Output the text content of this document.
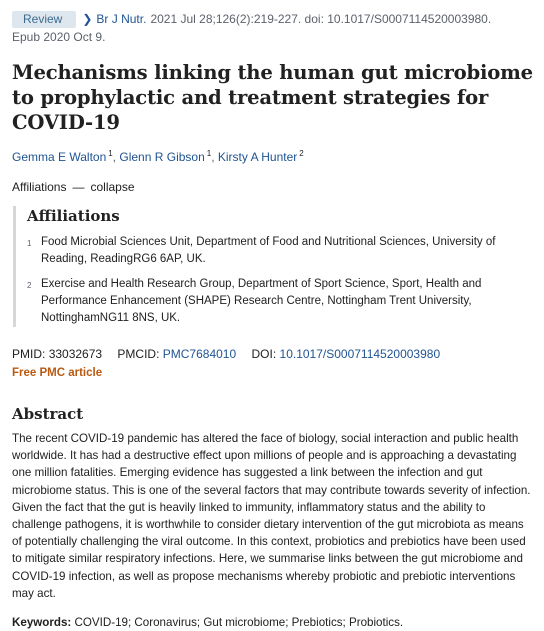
Review ❯ Br J Nutr. 2021 Jul 28;126(2):219-227. doi: 10.1017/S0007114520003980.
Epub 2020 Oct 9.
Mechanisms linking the human gut microbiome to prophylactic and treatment strategies for COVID-19
Gemma E Walton $^1$, Glenn R Gibson $^1$, Kirsty A Hunter $^2$
Affiliations — collapse
Affiliations
1 Food Microbial Sciences Unit, Department of Food and Nutritional Sciences, University of Reading, ReadingRG6 6AP, UK.
2 Exercise and Health Research Group, Department of Sport Science, Sport, Health and Performance Enhancement (SHAPE) Research Centre, Nottingham Trent University, NottinghamNG11 8NS, UK.
PMID: 33032673 PMCID: PMC7684010 DOI: 10.1017/S0007114520003980
Free PMC article
Abstract

The recent COVID-19 pandemic has altered the face of biology, social interaction and public health worldwide. It has had a destructive effect upon millions of people and is approaching a devastating one million fatalities. Emerging evidence has suggested a link between the infection and gut microbiome status. This is one of the several factors that may contribute towards severity of infection. Given the fact that the gut is heavily linked to immunity, inflammatory status and the ability to challenge pathogens, it is worthwhile to consider dietary intervention of the gut microbiota as means of potentially challenging the viral outcome. In this context, probiotics and prebiotics have been used to mitigate similar respiratory infections. Here, we summarise links between the gut microbiome and COVID-19 infection, as well as propose mechanisms whereby probiotic and prebiotic interventions may act.

Keywords: COVID-19; Coronavirus; Gut microbiome; Prebiotics; Probiotics.
